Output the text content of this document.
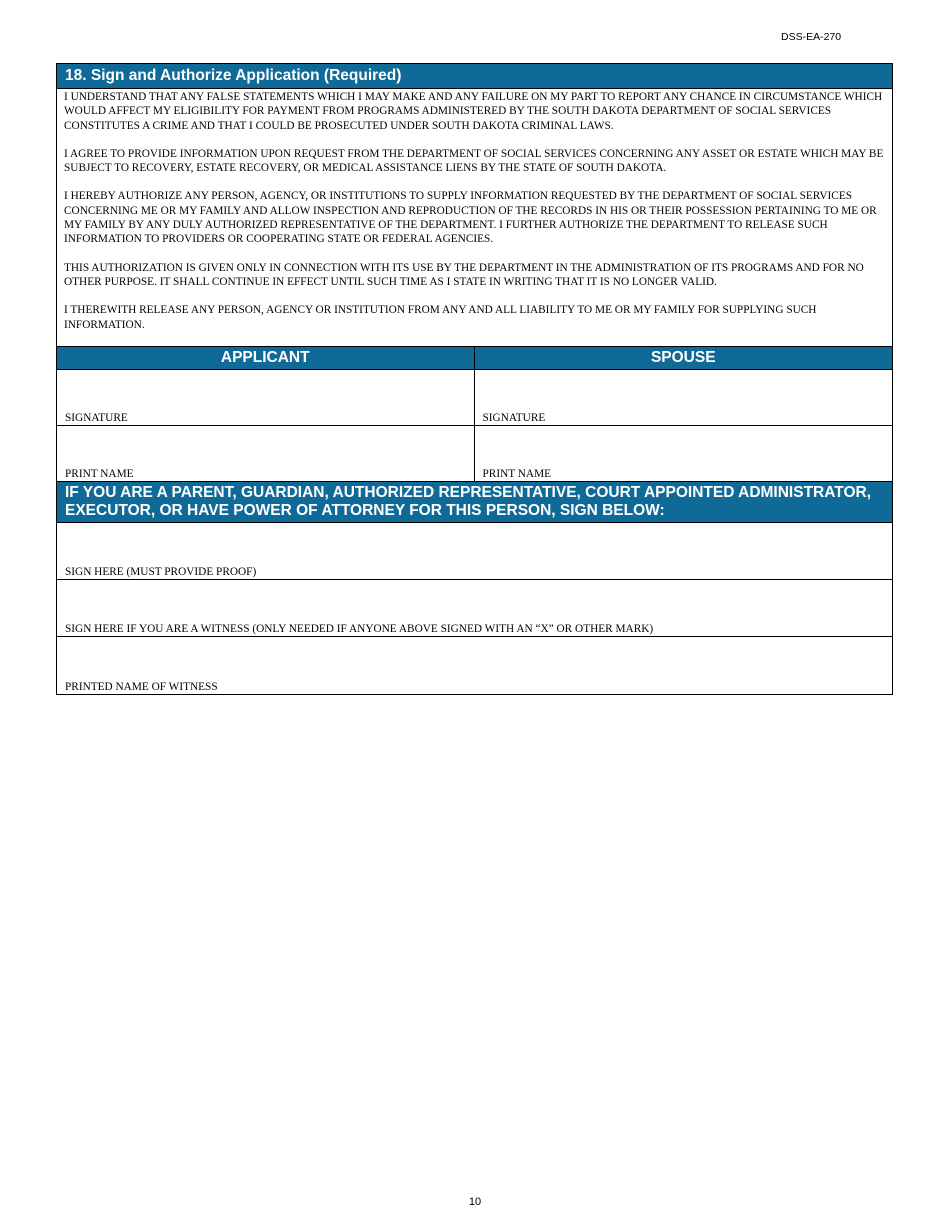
DSS-EA-270
18. Sign and Authorize Application (Required)

I UNDERSTAND THAT ANY FALSE STATEMENTS WHICH I MAY MAKE AND ANY FAILURE ON MY PART TO REPORT ANY CHANCE IN CIRCUMSTANCE WHICH WOULD AFFECT MY ELIGIBILITY FOR PAYMENT FROM PROGRAMS ADMINISTERED BY THE SOUTH DAKOTA DEPARTMENT OF SOCIAL SERVICES CONSTITUTES A CRIME AND THAT I COULD BE PROSECUTED UNDER SOUTH DAKOTA CRIMINAL LAWS.

I AGREE TO PROVIDE INFORMATION UPON REQUEST FROM THE DEPARTMENT OF SOCIAL SERVICES CONCERNING ANY ASSET OR ESTATE WHICH MAY BE SUBJECT TO RECOVERY, ESTATE RECOVERY, OR MEDICAL ASSISTANCE LIENS BY THE STATE OF SOUTH DAKOTA.

I HEREBY AUTHORIZE ANY PERSON, AGENCY, OR INSTITUTIONS TO SUPPLY INFORMATION REQUESTED BY THE DEPARTMENT OF SOCIAL SERVICES CONCERNING ME OR MY FAMILY AND ALLOW INSPECTION AND REPRODUCTION OF THE RECORDS IN HIS OR THEIR POSSESSION PERTAINING TO ME OR MY FAMILY BY ANY DULY AUTHORIZED REPRESENTATIVE OF THE DEPARTMENT. I FURTHER AUTHORIZE THE DEPARTMENT TO RELEASE SUCH INFORMATION TO PROVIDERS OR COOPERATING STATE OR FEDERAL AGENCIES.

THIS AUTHORIZATION IS GIVEN ONLY IN CONNECTION WITH ITS USE BY THE DEPARTMENT IN THE ADMINISTRATION OF ITS PROGRAMS AND FOR NO OTHER PURPOSE. IT SHALL CONTINUE IN EFFECT UNTIL SUCH TIME AS I STATE IN WRITING THAT IT IS NO LONGER VALID.

I THEREWITH RELEASE ANY PERSON, AGENCY OR INSTITUTION FROM ANY AND ALL LIABILITY TO ME OR MY FAMILY FOR SUPPLYING SUCH INFORMATION.

APPLICANT
SIGNATURE
PRINT NAME
SPOUSE
SIGNATURE
PRINT NAME
IF YOU ARE A PARENT, GUARDIAN, AUTHORIZED REPRESENTATIVE, COURT APPOINTED ADMINISTRATOR, EXECUTOR, OR HAVE POWER OF ATTORNEY FOR THIS PERSON, SIGN BELOW:
SIGN HERE (MUST PROVIDE PROOF)
SIGN HERE IF YOU ARE A WITNESS (ONLY NEEDED IF ANYONE ABOVE SIGNED WITH AN “X” OR OTHER MARK)
PRINTED NAME OF WITNESS
10
